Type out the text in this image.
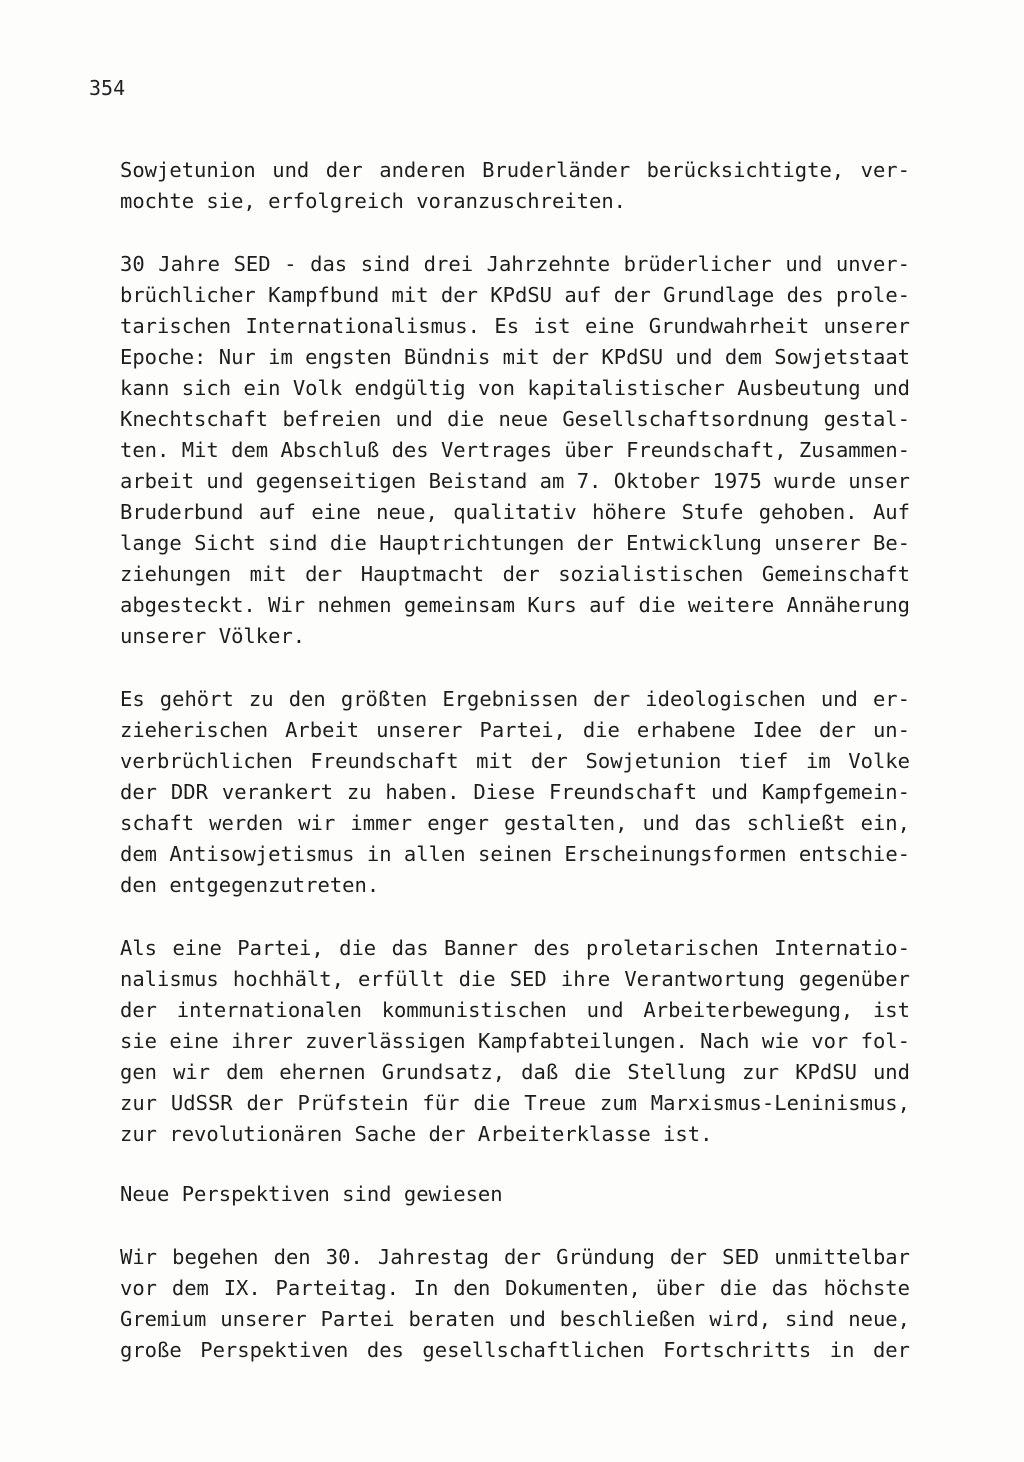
354

Sowjetunion und der anderen Bruderländer berücksichtigte, ver-

mochte sie, erfolgreich voranzuschreiten.

30 Jahre SED - das sind drei Jahrzehnte brüderlicher und unver-

brüchlicher Kampfbund mit der KPdSU auf der Grundlage des prole-

tarischen Internationalismus. Es ist eine Grundwahrheit unserer

Epoche: Nur im engsten Bündnis mit der KPdSU und dem Sowjetstaat

kann sich ein Volk endgültig von kapitalistischer Ausbeutung und

Knechtschaft befreien und die neue Gesellschaftsordnung gestal-

ten. Mit dem Abschluß des Vertrages über Freundschaft, Zusammen-

arbeit und gegenseitigen Beistand am 7. Oktober 1975 wurde unser

Bruderbund auf eine neue, qualitativ höhere Stufe gehoben. Auf

lange Sicht sind die Hauptrichtungen der Entwicklung unserer Be-

ziehungen mit der Hauptmacht der sozialistischen Gemeinschaft

abgesteckt. Wir nehmen gemeinsam Kurs auf die weitere Annäherung

unserer Völker.

Es gehört zu den größten Ergebnissen der ideologischen und er-

zieherischen Arbeit unserer Partei, die erhabene Idee der un-

verbrüchlichen Freundschaft mit der Sowjetunion tief im Volke

der DDR verankert zu haben. Diese Freundschaft und Kampfgemein-

schaft werden wir immer enger gestalten, und das schließt ein,

dem Antisowjetismus in allen seinen Erscheinungsformen entschie-

den entgegenzutreten.

Als eine Partei, die das Banner des proletarischen Internatio-

nalismus hochhält, erfüllt die SED ihre Verantwortung gegenüber

der internationalen kommunistischen und Arbeiterbewegung, ist

sie eine ihrer zuverlässigen Kampfabteilungen. Nach wie vor fol-

gen wir dem ehernen Grundsatz, daß die Stellung zur KPdSU und

zur UdSSR der Prüfstein für die Treue zum Marxismus-Leninismus,

zur revolutionären Sache der Arbeiterklasse ist.

Neue Perspektiven sind gewiesen

Wir begehen den 30. Jahrestag der Gründung der SED unmittelbar

vor dem IX. Parteitag. In den Dokumenten, über die das höchste

Gremium unserer Partei beraten und beschließen wird, sind neue,

große Perspektiven des gesellschaftlichen Fortschritts in der
